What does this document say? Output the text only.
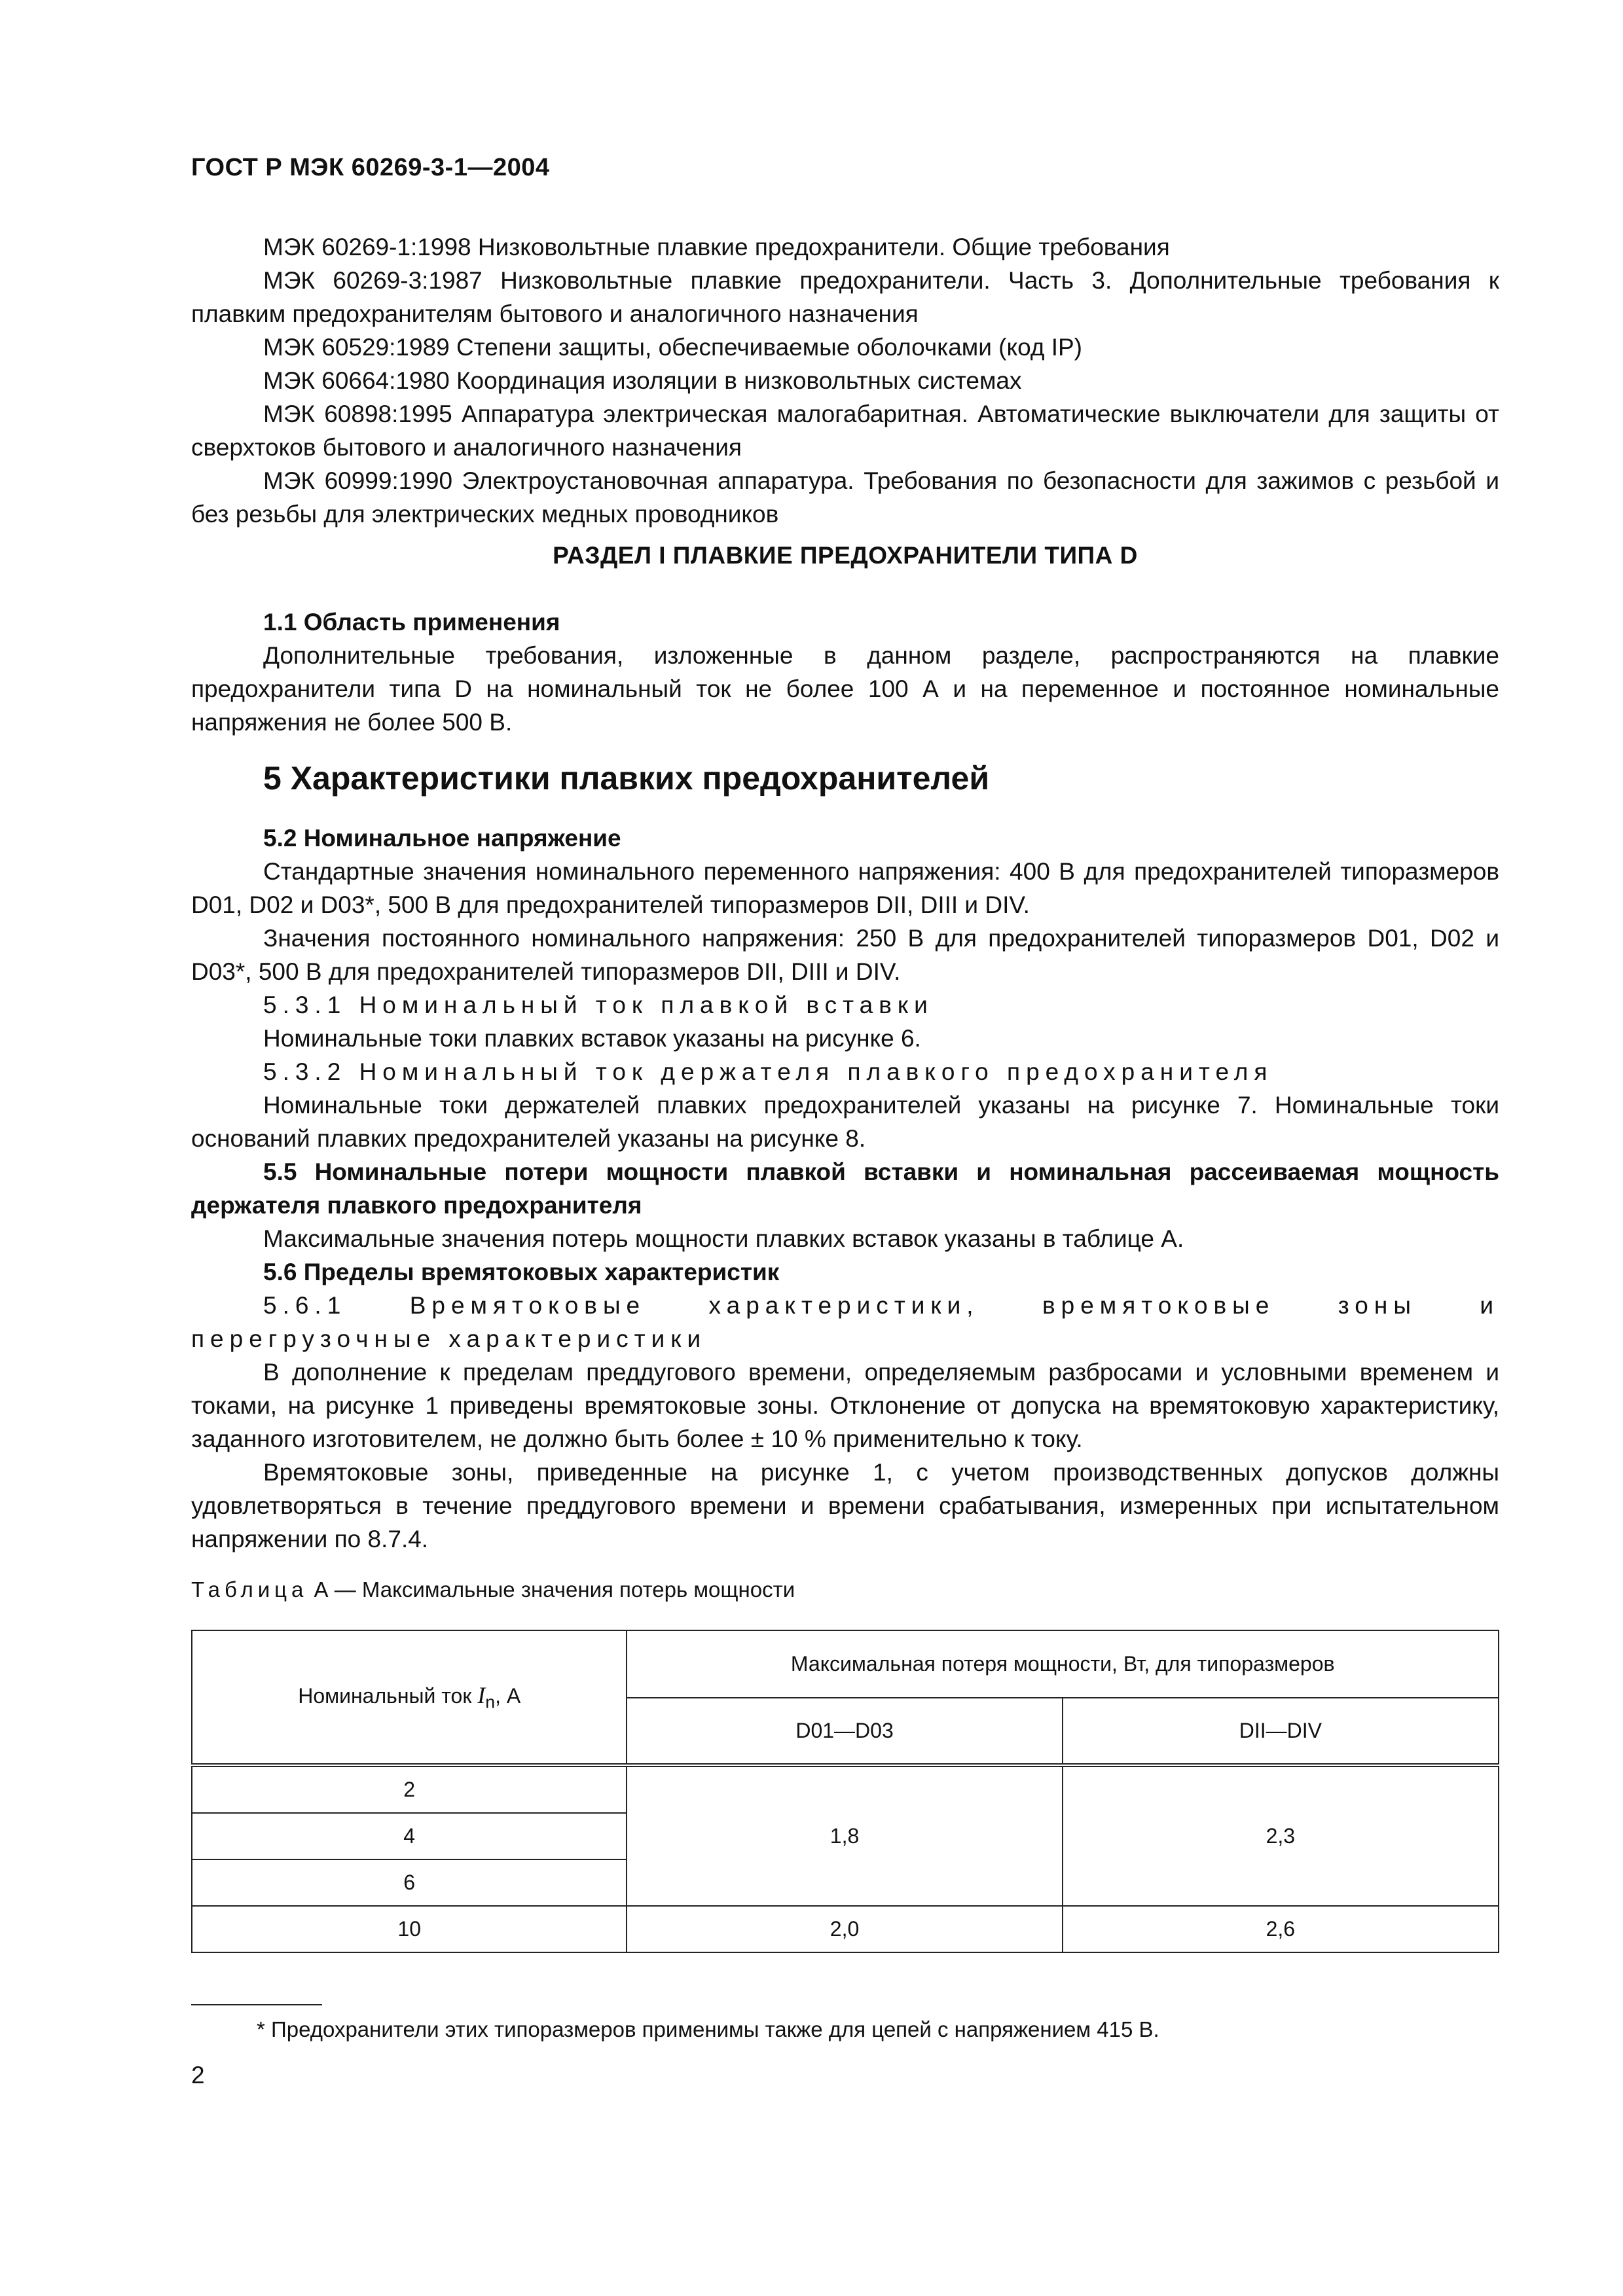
ГОСТ Р МЭК 60269-3-1—2004

МЭК 60269-1:1998 Низковольтные плавкие предохранители. Общие требования

МЭК 60269-3:1987 Низковольтные плавкие предохранители. Часть 3. Дополнительные требования к плавким предохранителям бытового и аналогичного назначения

МЭК 60529:1989 Степени защиты, обеспечиваемые оболочками (код IP)

МЭК 60664:1980 Координация изоляции в низковольтных системах

МЭК 60898:1995 Аппаратура электрическая малогабаритная. Автоматические выключатели для защиты от сверхтоков бытового и аналогичного назначения

МЭК 60999:1990 Электроустановочная аппаратура. Требования по безопасности для зажимов с резьбой и без резьбы для электрических медных проводников

РАЗДЕЛ I ПЛАВКИЕ ПРЕДОХРАНИТЕЛИ ТИПА D

1.1 Область применения

Дополнительные требования, изложенные в данном разделе, распространяются на плавкие предохранители типа D на номинальный ток не более 100 А и на переменное и постоянное номинальные напряжения не более 500 В.

5 Характеристики плавких предохранителей

5.2 Номинальное напряжение

Стандартные значения номинального переменного напряжения: 400 В для предохранителей типоразмеров D01, D02 и D03*, 500 В для предохранителей типоразмеров DII, DIII и DIV.

Значения постоянного номинального напряжения: 250 В для предохранителей типоразмеров D01, D02 и D03*, 500 В для предохранителей типоразмеров DII, DIII и DIV.

5.3.1 Номинальный ток плавкой вставки

Номинальные токи плавких вставок указаны на рисунке 6.

5.3.2 Номинальный ток держателя плавкого предохранителя

Номинальные токи держателей плавких предохранителей указаны на рисунке 7. Номинальные токи оснований плавких предохранителей указаны на рисунке 8.

5.5 Номинальные потери мощности плавкой вставки и номинальная рассеиваемая мощность держателя плавкого предохранителя

Максимальные значения потерь мощности плавких вставок указаны в таблице А.

5.6 Пределы времятоковых характеристик

5.6.1 Времятоковые характеристики, времятоковые зоны и перегрузочные характеристики

В дополнение к пределам преддугового времени, определяемым разбросами и условными временем и токами, на рисунке 1 приведены времятоковые зоны. Отклонение от допуска на времятоковую характеристику, заданного изготовителем, не должно быть более ± 10 % применительно к току.

Времятоковые зоны, приведенные на рисунке 1, с учетом производственных допусков должны удовлетворяться в течение преддугового времени и времени срабатывания, измеренных при испытательном напряжении по 8.7.4.

Таблица А — Максимальные значения потерь мощности
Номинальный ток $I_n$, А	Максимальная потеря мощности, Вт, для типоразмеров	
	D01—D03	DII—DIV
2	1,8	2,3
4		
6		
10	2,0	2,6
* Предохранители этих типоразмеров применимы также для цепей с напряжением 415 В.
2
